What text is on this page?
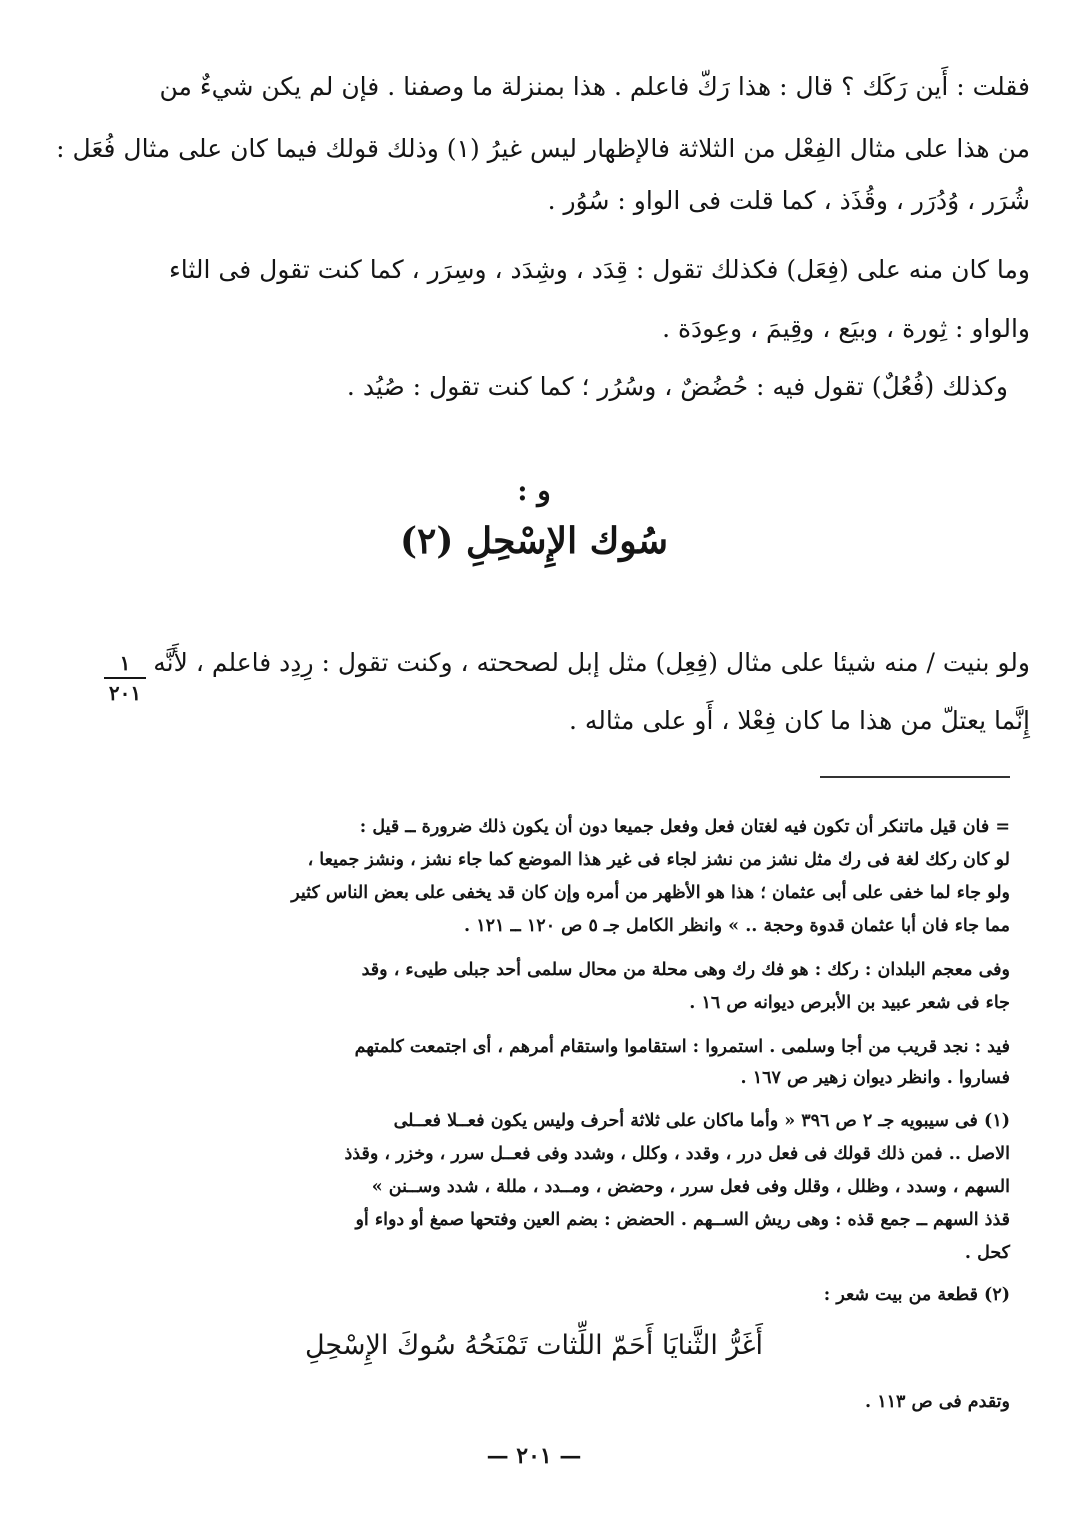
فقلت : أَين رَكَك ؟ قال : هذا رَكّ فاعلم . هذا بمنزلة ما وصفنا . فإن لم يكن شيءٌ من
من هذا على مثال الفِعْل من الثلاثة فالإظهار ليس غيرُ (١) وذلك قولك فيما كان على مثال فُعَل :
شُرَر ، وُدُرَر ، وقُذَذ ، كما قلت فى الواو : سُوُر .
وما كان منه على (فِعَل) فكذلك تقول : قِدَد ، وشِدَد ، وسِرَر ، كما كنت تقول فى الثاء
والواو : ثِورة ، وبيَع ، وقِيمَ ، وعِودَة .
وكذلك (فُعُلٌ) تقول فيه : حُضُضٌ ، وسُرُر ؛ كما كنت تقول : صُيُد .
و :
سُوك الإِسْحِلِ (٢)
١
٢٠١
ولو بنيت / منه شيئا على مثال (فِعِل) مثل إبل لصححته ، وكنت تقول : رِدِد فاعلم ، لأَنَّه
إِنَّما يعتلّ من هذا ما كان فِعْلا ، أَو على مثاله .
= فان قيل ماتنكر أن تكون فيه لغتان فعل وفعل جميعا دون أن يكون ذلك ضرورة ــ قيل :
لو كان ركك لغة فى رك مثل نشز من نشز لجاء فى غير هذا الموضع كما جاء نشز ، ونشز جميعا ،
ولو جاء لما خفى على أبى عثمان ؛ هذا هو الأظهر من أمره وإن كان قد يخفى على بعض الناس كثير
مما جاء فان أبا عثمان قدوة وحجة .. » وانظر الكامل جـ ٥ ص ١٢٠ ــ ١٢١ .
وفى معجم البلدان : ركك : هو فك رك وهى محلة من محال سلمى أحد جبلى طيىء ، وقد
جاء فى شعر عبيد بن الأبرص ديوانه ص ١٦ .
فيد : نجد قريب من أجا وسلمى . استمروا : استقاموا واستقام أمرهم ، أى اجتمعت كلمتهم
فساروا . وانظر ديوان زهير ص ١٦٧ .
(١) فى سيبويه جـ ٢ ص ٣٩٦ « وأما ماكان على ثلاثة أحرف وليس يكون فعــلا فعــلى
الاصل .. فمن ذلك قولك فى فعل درر ، وقدد ، وكلل ، وشدد وفى فعــل سرر ، وخزر ، وقذذ
السهم ، وسدد ، وظلل ، وقلل وفى فعل سرر ، وحضض ، ومــدد ، مللة ، شدد وســنن »
قذذ السهم ــ جمع قذه : وهى ريش الســهم . الحضض : بضم العين وفتحها صمغ أو دواء أو
كحل .
(٢) قطعة من بيت شعر :
أَغَرُّ الثَّنايَا أَحَمّ اللِّثات تَمْنَحُهُ سُوكَ الإِسْحِلِ
وتقدم فى ص ١١٣ .
— ٢٠١ —
